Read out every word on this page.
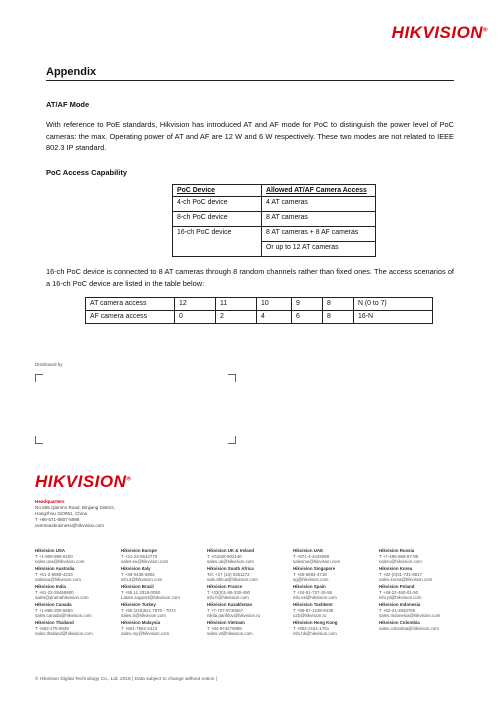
HIKVISION®
Appendix
AT/AF Mode
With reference to PoE standards, Hikvision has introduced AT and AF mode for PoC to distinguish the power level of PoC cameras: the max. Operating power of AT and AF are 12 W and 6 W respectively. These two modes are not related to IEEE 802.3 IP standard.
PoC Access Capability
PoC Device	Allowed AT/AF Camera Access
4-ch PoC device	4 AT cameras
8-ch PoC device	8 AT cameras
16-ch PoC device	8 AT cameras + 8 AF cameras
	Or up to 12 AT cameras
16-ch PoC device is connected to 8 AT cameras through 8 random channels rather than fixed ones. The access scenarios of a 16-ch PoC device are listed in the table below:
AT camera access	12	11	10	9	8	N (0 to 7)
AF camera access	0	2	4	6	8	16-N
Distributed by
HIKVISION®
Headquarters
No.555 Qianmo Road, Binjiang District,
Hangzhou 310051, China
T +86-571-8807-5998
overseasbusiness@hikvision.com
Hikvision USA
T +1-909-895-0400
sales.usa@hikvision.com
Hikvision Europe
T +31-23-5542770
sales.eu@hikvision.com
Hikvision UK & Ireland
T +01628-902140
sales.uk@hikvision.com
Hikvision UAE
T +971-4-4432090
salesme@hikvision.com
Hikvision Russia
T +7-495-669-67-99
saleru@hikvision.com
Hikvision Australia
T +61-2-8599-4233
salesau@hikvision.com
Hikvision Italy
T +39-0438-6902
info.it@hikvision.com
Hikvision South Africa
Tel: +27 (10) 0351172
sale.africa@hikvision.com
Hikvision Singapore
T +65-6684-4718
sg@hikvision.com
Hikvision Korea
T +82-(0)31-731-8817
sales.korea@hikvision.com
Hikvision India
T +91-22-28469900
sales@pramahikvision.com
Hikvision Brazil
T +55 11 3318-0050
Latam.support@hikvision.com
Hikvision France
T +33(0)1-85-330-450
info.fr@hikvision.com
Hikvision Spain
T +34-91-737-16-55
info.es@hikvision.com
Hikvision Poland
T +48-22-460-01-50
info.pl@hikvision.com
Hikvision Canada
T +1-866-200-6690
sales.canada@hikvision.com
Hikvision Turkey
T +90 (216)521 7070 - 7074
sales.tr@hikvision.com
Hikvision Kazakhstan
T +7-727-9730667
nikita.panfilov@hikvision.ru
Hikvision Tashkent
T +99-87-1238-9438
uzb@hikvision.ru
Hikvision Indonesia
T +62-21-2933759
sales.Indonesia@hikvision.com
Hikvision Thailand
T +662-275-9949
sales.thailand@hikvision.com
Hikvision Malaysia
T +601-7652-2413
sales.my@hikvision.com
Hikvision Vietnam
T +84-974270888
sales.vt@hikvision.com
Hikvision Hong Kong
T +852-2151-1761
info.hk@hikvision.com
Hikvision Colombia
sales.colombia@hikvision.com
© Hikvision Digital Technology Co., Ltd. 2018 | Data subject to change without notice |
